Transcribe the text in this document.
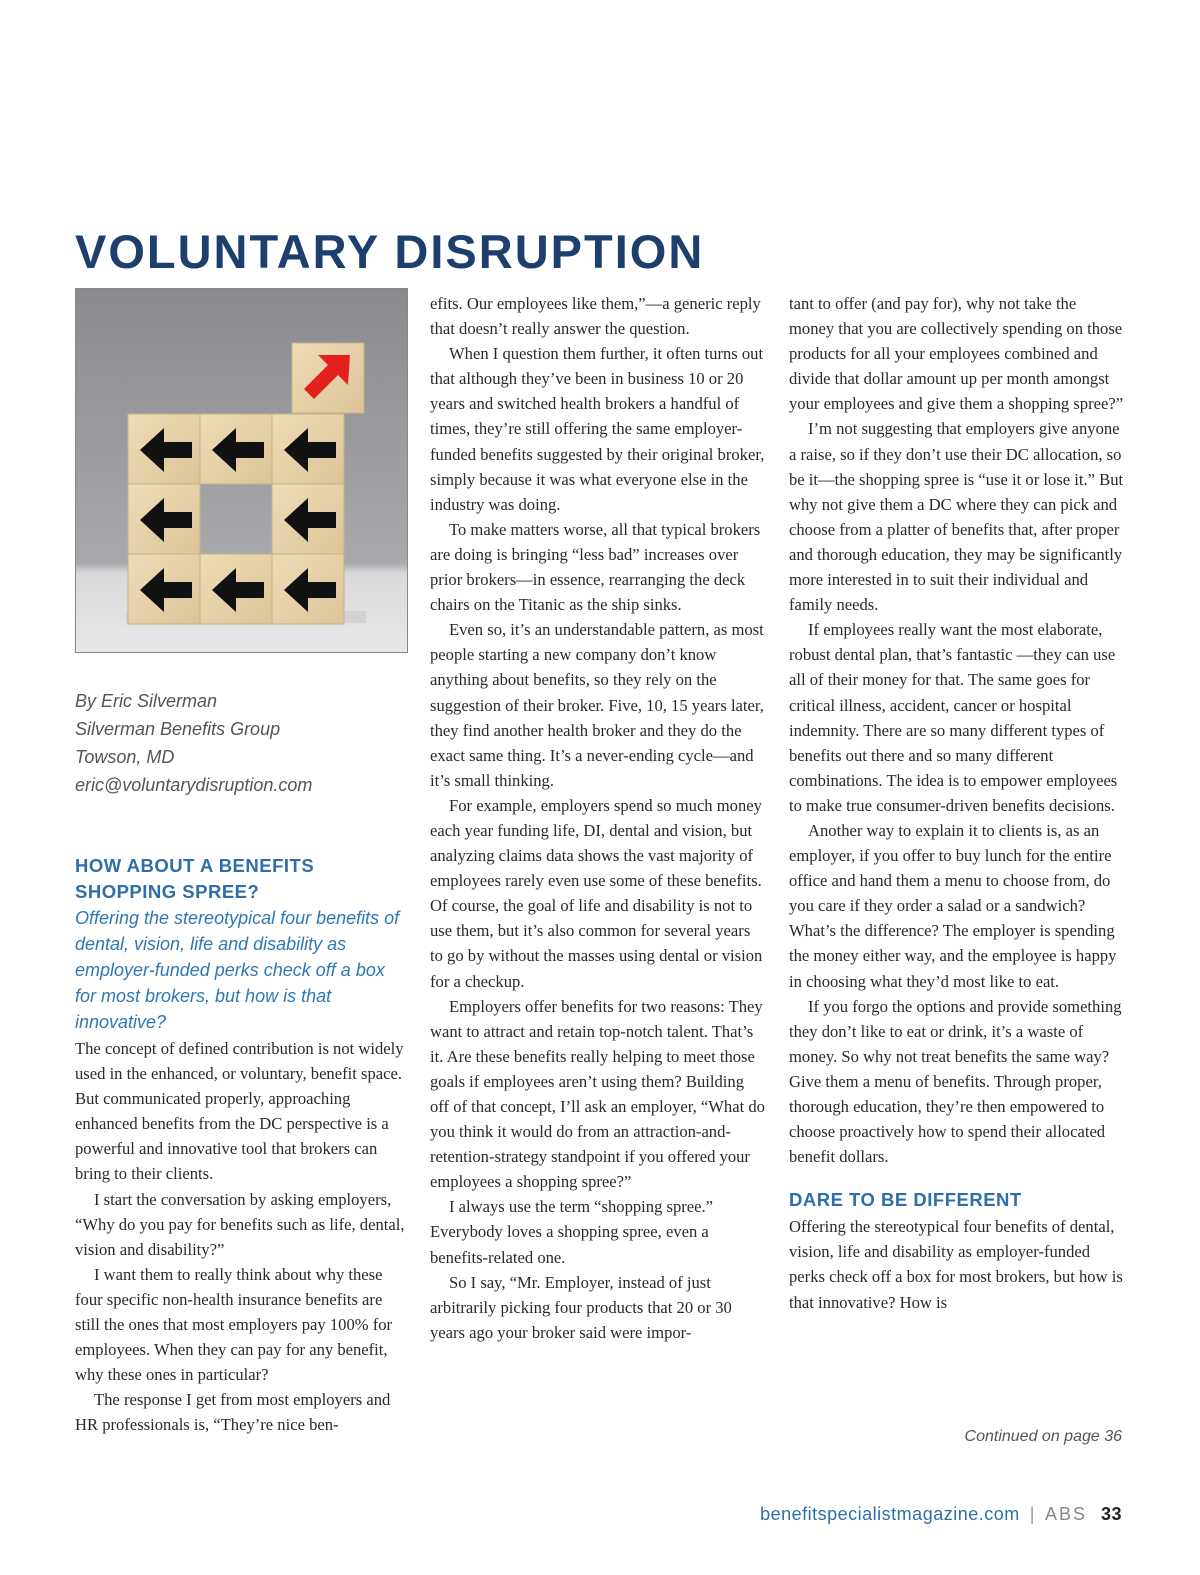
VOLUNTARY DISRUPTION
By Eric Silverman
Silverman Benefits Group
Towson, MD
eric@voluntarydisruption.com
HOW ABOUT A BENEFITS SHOPPING SPREE?
Offering the stereotypical four benefits of dental, vision, life and disability as employer-funded perks check off a box for most brokers, but how is that innovative?

The concept of defined contribution is not widely used in the enhanced, or voluntary, benefit space. But communicated properly, approaching enhanced benefits from the DC perspective is a powerful and innovative tool that brokers can bring to their clients.

I start the conversation by asking employers, “Why do you pay for benefits such as life, dental, vision and disability?”

I want them to really think about why these four specific non-health insurance benefits are still the ones that most employers pay 100% for employees. When they can pay for any benefit, why these ones in particular?

The response I get from most employers and HR professionals is, “They’re nice ben-

efits. Our employees like them,”—a generic reply that doesn’t really answer the question.

When I question them further, it often turns out that although they’ve been in business 10 or 20 years and switched health brokers a handful of times, they’re still offering the same employer-funded benefits suggested by their original broker, simply because it was what everyone else in the industry was doing.

To make matters worse, all that typical brokers are doing is bringing “less bad” increases over prior brokers—in essence, rearranging the deck chairs on the Titanic as the ship sinks.

Even so, it’s an understandable pattern, as most people starting a new company don’t know anything about benefits, so they rely on the suggestion of their broker. Five, 10, 15 years later, they find another health broker and they do the exact same thing. It’s a never-ending cycle—and it’s small thinking.

For example, employers spend so much money each year funding life, DI, dental and vision, but analyzing claims data shows the vast majority of employees rarely even use some of these benefits. Of course, the goal of life and disability is not to use them, but it’s also common for several years to go by without the masses using dental or vision for a checkup.

Employers offer benefits for two reasons: They want to attract and retain top-notch talent. That’s it. Are these benefits really helping to meet those goals if employees aren’t using them? Building off of that concept, I’ll ask an employer, “What do you think it would do from an attraction-and-retention-strategy standpoint if you offered your employees a shopping spree?”

I always use the term “shopping spree.” Everybody loves a shopping spree, even a benefits-related one.

So I say, “Mr. Employer, instead of just arbitrarily picking four products that 20 or 30 years ago your broker said were impor-

tant to offer (and pay for), why not take the money that you are collectively spending on those products for all your employees combined and divide that dollar amount up per month amongst your employees and give them a shopping spree?”

I’m not suggesting that employers give anyone a raise, so if they don’t use their DC allocation, so be it—the shopping spree is “use it or lose it.” But why not give them a DC where they can pick and choose from a platter of benefits that, after proper and thorough education, they may be significantly more interested in to suit their individual and family needs.

If employees really want the most elaborate, robust dental plan, that’s fantastic —they can use all of their money for that. The same goes for critical illness, accident, cancer or hospital indemnity. There are so many different types of benefits out there and so many different combinations. The idea is to empower employees to make true consumer-driven benefits decisions.

Another way to explain it to clients is, as an employer, if you offer to buy lunch for the entire office and hand them a menu to choose from, do you care if they order a salad or a sandwich? What’s the difference? The employer is spending the money either way, and the employee is happy in choosing what they’d most like to eat.

If you forgo the options and provide something they don’t like to eat or drink, it’s a waste of money. So why not treat benefits the same way? Give them a menu of benefits. Through proper, thorough education, they’re then empowered to choose proactively how to spend their allocated benefit dollars.

DARE TO BE DIFFERENT

Offering the stereotypical four benefits of dental, vision, life and disability as employer-funded perks check off a box for most brokers, but how is that innovative? How is

Continued on page 36
benefitspecialistmagazine.com | ABS 33
